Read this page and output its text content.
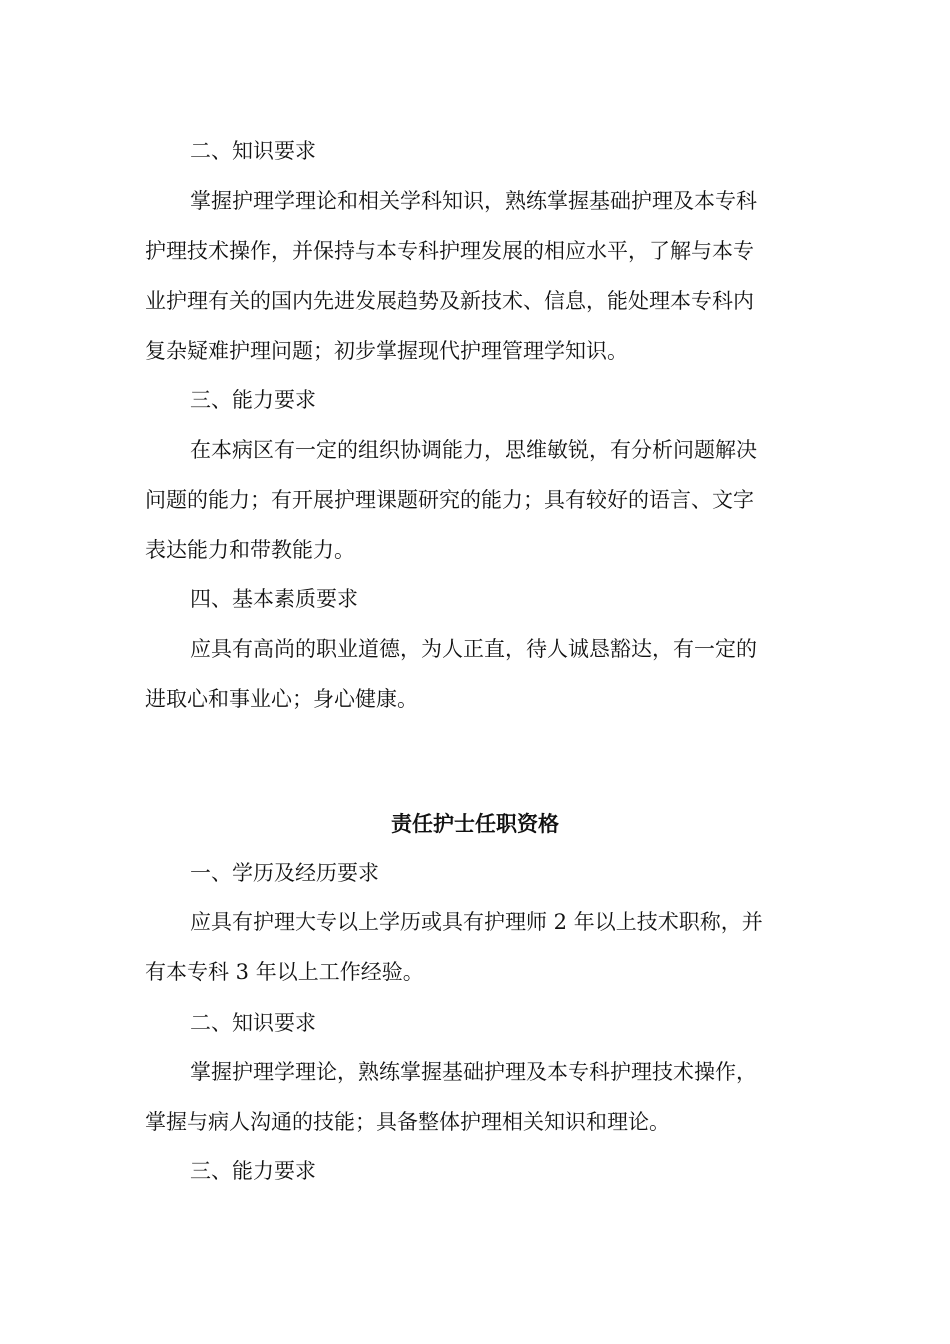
二、知识要求
掌握护理学理论和相关学科知识，熟练掌握基础护理及本专科
护理技术操作，并保持与本专科护理发展的相应水平，了解与本专
业护理有关的国内先进发展趋势及新技术、信息，能处理本专科内
复杂疑难护理问题；初步掌握现代护理管理学知识。
三、能力要求
在本病区有一定的组织协调能力，思维敏锐，有分析问题解决
问题的能力；有开展护理课题研究的能力；具有较好的语言、文字
表达能力和带教能力。
四、基本素质要求
应具有高尚的职业道德，为人正直，待人诚恳豁达，有一定的
进取心和事业心；身心健康。
责任护士任职资格
一、学历及经历要求
应具有护理大专以上学历或具有护理师 2 年以上技术职称，并
有本专科 3 年以上工作经验。
二、知识要求
掌握护理学理论，熟练掌握基础护理及本专科护理技术操作，
掌握与病人沟通的技能；具备整体护理相关知识和理论。
三、能力要求
